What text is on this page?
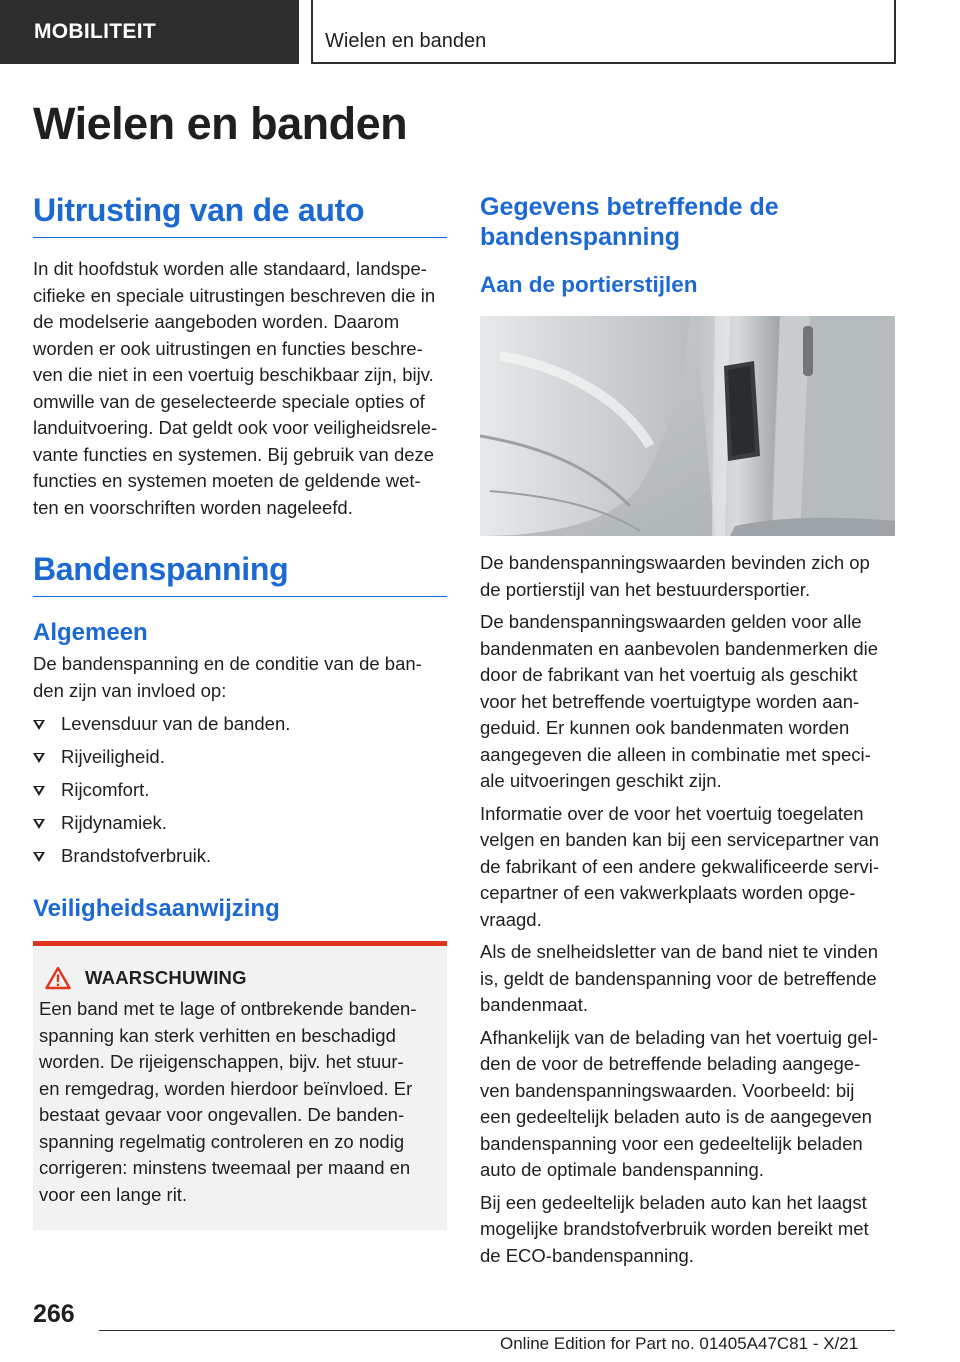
MOBILITEIT	Wielen en banden
Wielen en banden
Uitrusting van de auto

In dit hoofdstuk worden alle standaard, landspe-

cifieke en speciale uitrustingen beschreven die in

de modelserie aangeboden worden. Daarom

worden er ook uitrustingen en functies beschre-

ven die niet in een voertuig beschikbaar zijn, bijv.

omwille van de geselecteerde speciale opties of

landuitvoering. Dat geldt ook voor veiligheidsrele-

vante functies en systemen. Bij gebruik van deze

functies en systemen moeten de geldende wet-

ten en voorschriften worden nageleefd.

Bandenspanning
Algemeen

De bandenspanning en de conditie van de ban-

den zijn van invloed op:

Levensduur van de banden.
Rijveiligheid.
Rijcomfort.
Rijdynamiek.
Brandstofverbruik.
Veiligheidsaanwijzing
WAARSCHUWING

Een band met te lage of ontbrekende banden-

spanning kan sterk verhitten en beschadigd

worden. De rijeigenschappen, bijv. het stuur-

en remgedrag, worden hierdoor beïnvloed. Er

bestaat gevaar voor ongevallen. De banden-

spanning regelmatig controleren en zo nodig

corrigeren: minstens tweemaal per maand en

voor een lange rit.

Gegevens betreffende de
bandenspanning
Aan de portierstijlen

De bandenspanningswaarden bevinden zich op

de portierstijl van het bestuurdersportier.

De bandenspanningswaarden gelden voor alle

bandenmaten en aanbevolen bandenmerken die

door de fabrikant van het voertuig als geschikt

voor het betreffende voertuigtype worden aan-

geduid. Er kunnen ook bandenmaten worden

aangegeven die alleen in combinatie met speci-

ale uitvoeringen geschikt zijn.

Informatie over de voor het voertuig toegelaten

velgen en banden kan bij een servicepartner van

de fabrikant of een andere gekwalificeerde servi-

cepartner of een vakwerkplaats worden opge-

vraagd.

Als de snelheidsletter van de band niet te vinden

is, geldt de bandenspanning voor de betreffende

bandenmaat.

Afhankelijk van de belading van het voertuig gel-

den de voor de betreffende belading aangege-

ven bandenspanningswaarden. Voorbeeld: bij

een gedeeltelijk beladen auto is de aangegeven

bandenspanning voor een gedeeltelijk beladen

auto de optimale bandenspanning.

Bij een gedeeltelijk beladen auto kan het laagst

mogelijke brandstofverbruik worden bereikt met

de ECO-bandenspanning.

266
Online Edition for Part no. 01405A47C81 - X/21
